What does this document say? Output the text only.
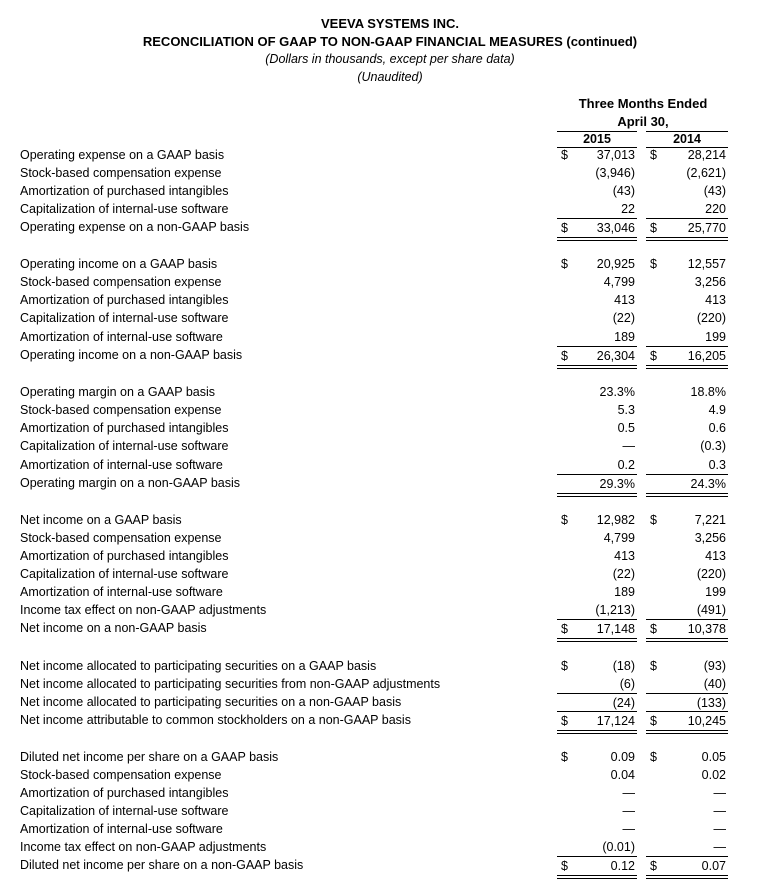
VEEVA SYSTEMS INC.
RECONCILIATION OF GAAP TO NON-GAAP FINANCIAL MEASURES (continued)
(Dollars in thousands, except per share data)
(Unaudited)
Three Months Ended
April 30,
2015	2014
Operating expense on a GAAP basis	$ 37,013 $ 28,214
Stock-based compensation expense	(3,946)	(2,621)
Amortization of purchased intangibles	(43)	(43)
Capitalization of internal-use software	22	220
Operating expense on a non-GAAP basis	$ 33,046 $ 25,770
Operating income on a GAAP basis	$ 20,925 $ 12,557
Stock-based compensation expense	4,799	3,256
Amortization of purchased intangibles	413	413
Capitalization of internal-use software	(22)	(220)
Amortization of internal-use software	189	199
Operating income on a non-GAAP basis	$ 26,304 $ 16,205
Operating margin on a GAAP basis	23.3%	18.8%
Stock-based compensation expense	5.3	4.9
Amortization of purchased intangibles	0.5	0.6
Capitalization of internal-use software	—	(0.3)
Amortization of internal-use software	0.2	0.3
Operating margin on a non-GAAP basis	29.3%	24.3%
Net income on a GAAP basis	$ 12,982 $	7,221
Stock-based compensation expense	4,799	3,256
Amortization of purchased intangibles	413	413
Capitalization of internal-use software	(22)	(220)
Amortization of internal-use software	189	199
Income tax effect on non-GAAP adjustments	(1,213)	(491)
Net income on a non-GAAP basis	$ 17,148 $ 10,378
Net income allocated to participating securities on a GAAP basis	$	(18) $	(93)
Net income allocated to participating securities from non-GAAP adjustments	(6)	(40)
Net income allocated to participating securities on a non-GAAP basis	(24)	(133)
Net income attributable to common stockholders on a non-GAAP basis	$ 17,124 $ 10,245
Diluted net income per share on a GAAP basis	$	0.09 $	0.05
Stock-based compensation expense	0.04	0.02
Amortization of purchased intangibles	—	—
Capitalization of internal-use software	—	—
Amortization of internal-use software	—	—
Income tax effect on non-GAAP adjustments	(0.01)	—
Diluted net income per share on a non-GAAP basis	$	0.12 $	0.07
